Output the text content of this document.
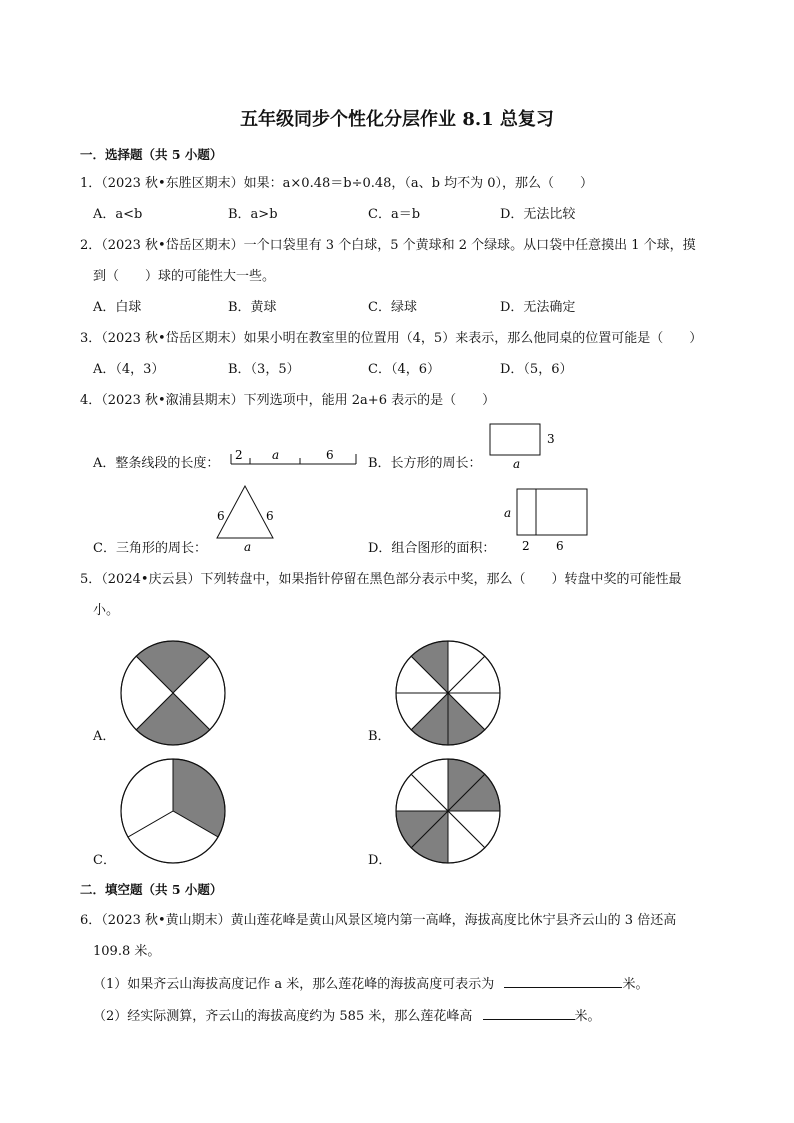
五年级同步个性化分层作业 8.1 总复习
一．选择题（共 5 小题）
1．（2023 秋•东胜区期末）如果：a×0.48＝b÷0.48，（a、b 均不为 0），那么（　　）
A．a<b	B．a>b	C．a＝b	D．无法比较
2．（2023 秋•岱岳区期末）一个口袋里有 3 个白球，5 个黄球和 2 个绿球。从口袋中任意摸出 1 个球，摸
到（　　）球的可能性大一些。
A．白球	B．黄球	C．绿球	D．无法确定
3．（2023 秋•岱岳区期末）如果小明在教室里的位置用（4，5）来表示，那么他同桌的位置可能是（　　）
A．（4，3）	B．（3，5）	C．（4，6）	D．（5，6）
4．（2023 秋•溆浦县期末）下列选项中，能用 2a+6 表示的是（　　）
A．整条线段的长度：
2 a	6
B．长方形的周长：
3
a
C．三角形的周长：
6	6
a	D．组合图形的面积：
a
2 6
5．（2024•庆云县）下列转盘中，如果指针停留在黑色部分表示中奖，那么（　　）转盘中奖的可能性最
小。
A．	B．
C．	D．
二．填空题（共 5 小题）
6．（2023 秋•黄山期末）黄山莲花峰是黄山风景区境内第一高峰，海拔高度比休宁县齐云山的 3 倍还高
109.8 米。
（1）如果齐云山海拔高度记作 a 米，那么莲花峰的海拔高度可表示为	米。
（2）经实际测算，齐云山的海拔高度约为 585 米，那么莲花峰高	米。
